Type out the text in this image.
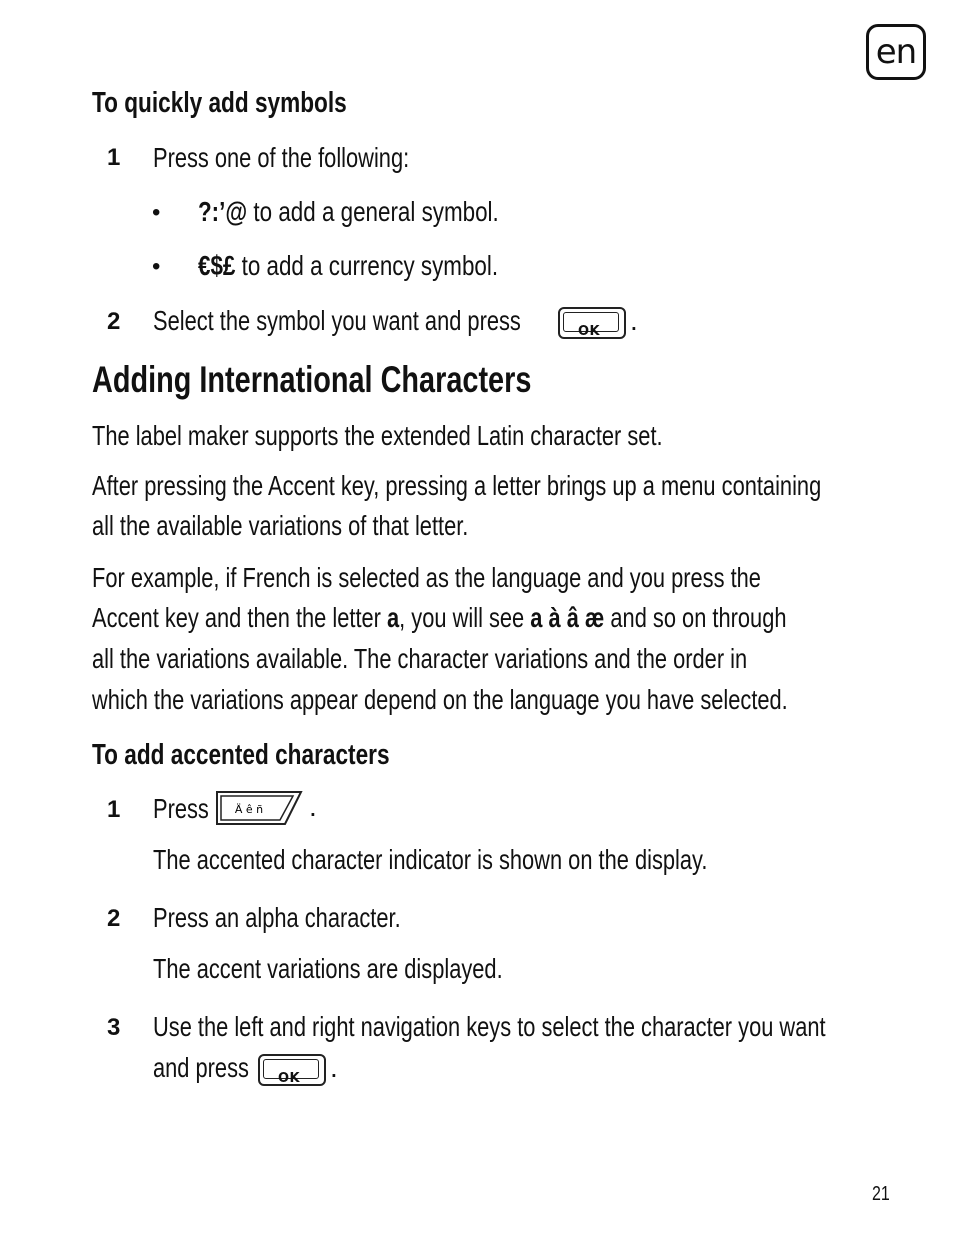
en
To quickly add symbols
1 Press one of the following:
• ?:’@ to add a general symbol.
• €$£ to add a currency symbol.
2 Select the symbol you want and press	OK	.
Adding International Characters
The label maker supports the extended Latin character set.
After pressing the Accent key, pressing a letter brings up a menu containing
all the available variations of that letter.
For example, if French is selected as the language and you press the
Accent key and then the letter a, you will see a à â æ and so on through
all the variations available. The character variations and the order in
which the variations appear depend on the language you have selected.
To add accented characters
1 Press	Ä ê ñ .
The accented character indicator is shown on the display.
2 Press an alpha character.
The accent variations are displayed.
3 Use the left and right navigation keys to select the character you want
and press	OK	.
21
